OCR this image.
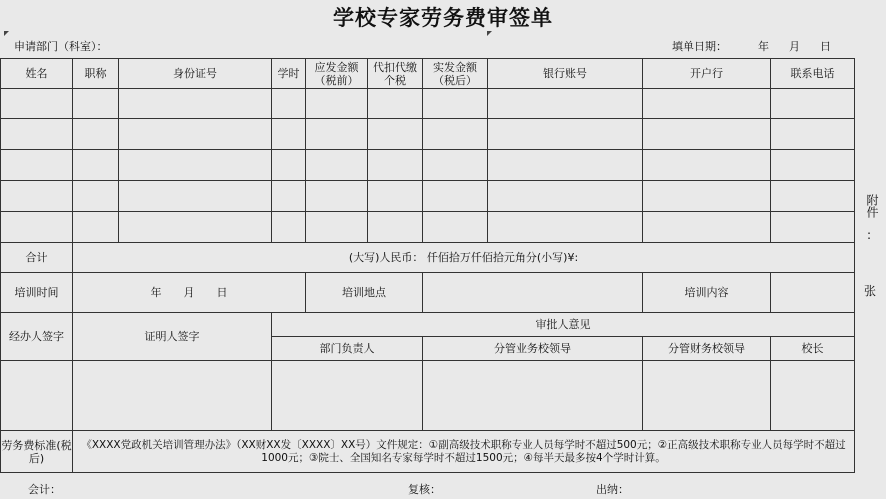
学校专家劳务费审签单
申请部门（科室）：	填单日期：	年 月 日
姓名	职称	身份证号	学时	应发金额（税前）	代扣代缴个税	实发金额（税后）	银行账号	开户行	联系电话

合计	(大写)人民币： 仟佰拾万仟佰拾元角分(小写)¥:								
培训时间	年　　月　　日			培训地点				培训内容	
经办人签字	证明人签字		审批人意见						
			部门负责人			分管业务校领导		分管财务校领导	校长

劳务费标准(税后)	《XXXX党政机关培训管理办法》（XX财XX发〔XXXX〕XX号）文件规定：①副高级技术职称专业人员每学时不超过500元；②正高级技术职称专业人员每学时不超过1000元；③院士、全国知名专家每学时不超过1500元；④每半天最多按4个学时计算。								
会计：	复核：	出纳：
附件
:
张
